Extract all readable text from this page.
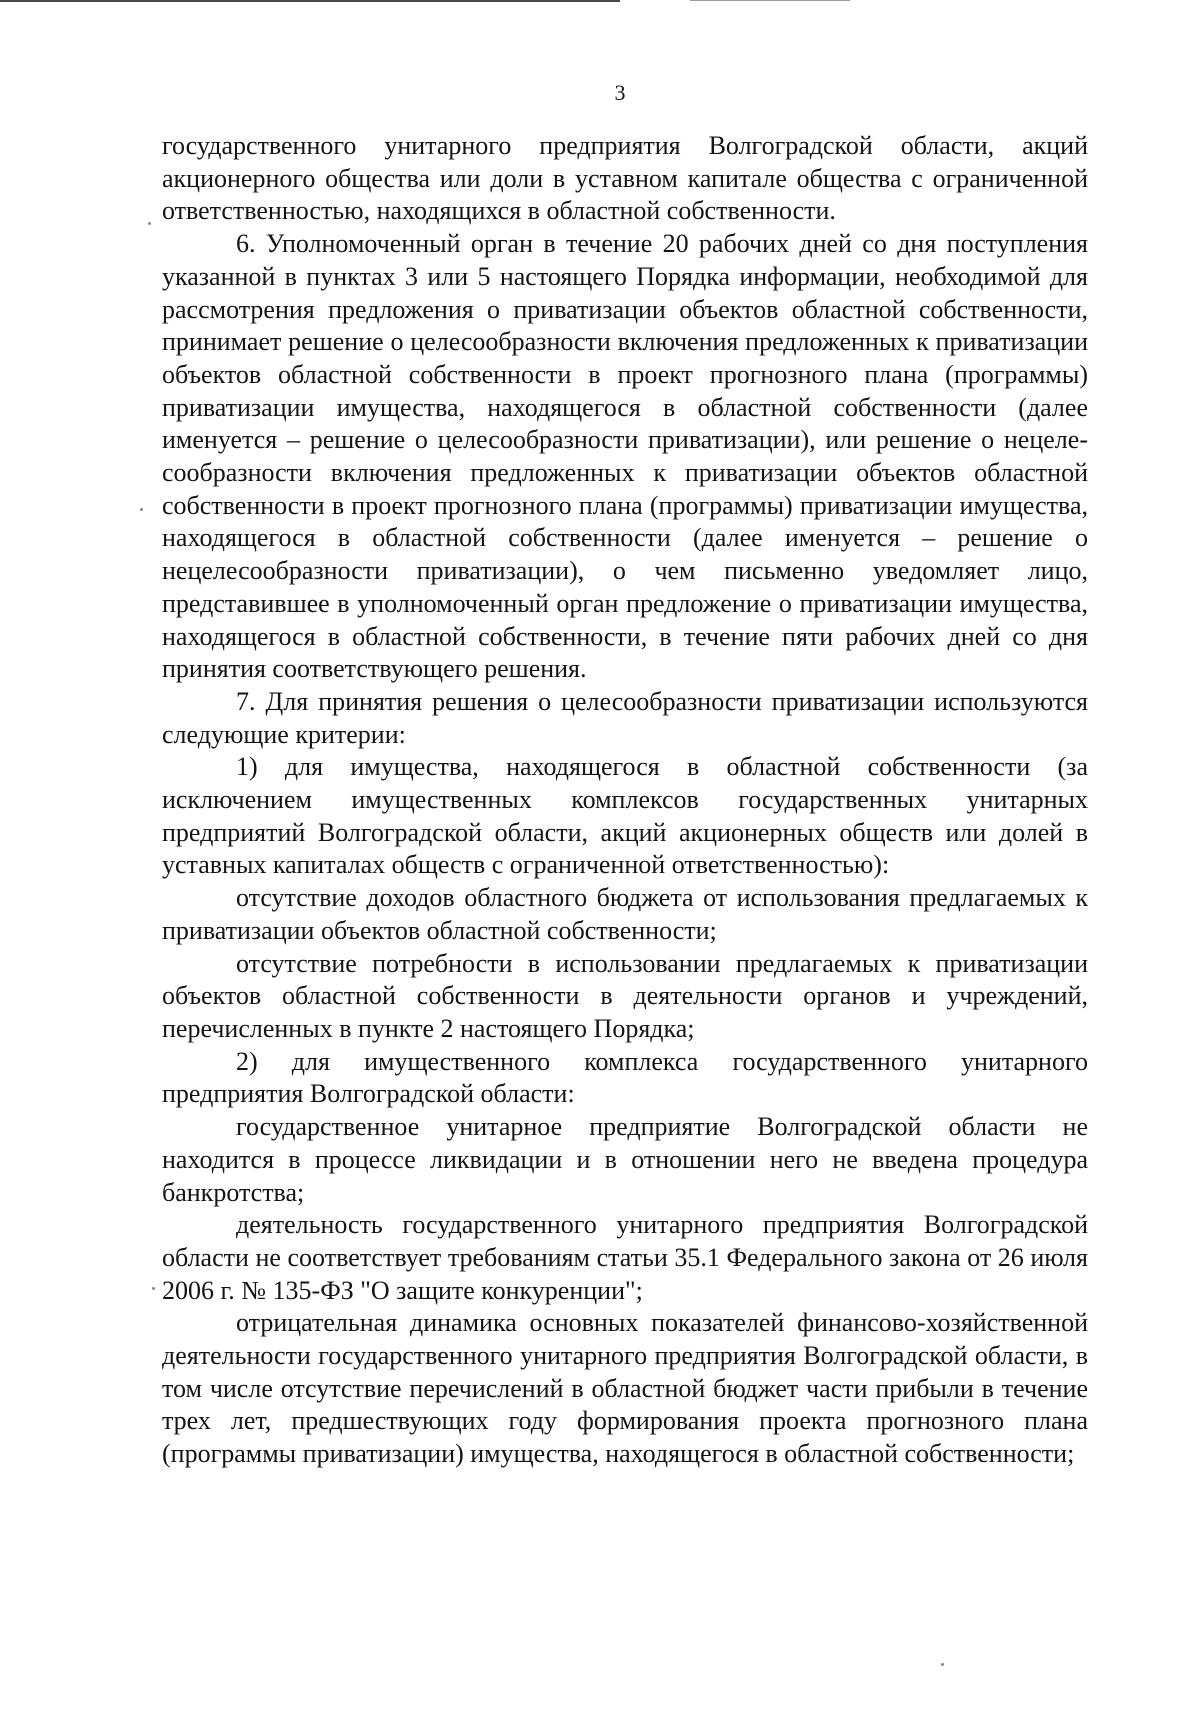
3

государственного унитарного предприятия Волгоградской области, акций акционерного общества или доли в уставном капитале общества с ограниченной ответственностью, находящихся в областной собственности.

6. Уполномоченный орган в течение 20 рабочих дней со дня поступления указанной в пунктах 3 или 5 настоящего Порядка информации, необходимой для рассмотрения предложения о приватизации объектов областной собственности, принимает решение о целесообразности включения предложенных к приватизации объектов областной собственности в проект прогнозного плана (программы) приватизации имущества, находящегося в областной собственности (далее именуется – решение о целесообразности приватизации), или решение о нецелесообразности включения предложенных к приватизации объектов областной собственности в проект прогнозного плана (программы) приватизации имущества, находящегося в областной собственности (далее именуется – решение о нецелесообразности приватизации), о чем письменно уведомляет лицо, представившее в уполномоченный орган предложение о приватизации имущества, находящегося в областной собственности, в течение пяти рабочих дней со дня принятия соответствующего решения.

7. Для принятия решения о целесообразности приватизации используются следующие критерии:

1) для имущества, находящегося в областной собственности (за исключением имущественных комплексов государственных унитарных предприятий Волгоградской области, акций акционерных обществ или долей в уставных капиталах обществ с ограниченной ответственностью):

отсутствие доходов областного бюджета от использования предлагаемых к приватизации объектов областной собственности;

отсутствие потребности в использовании предлагаемых к приватизации объектов областной собственности в деятельности органов и учреждений, перечисленных в пункте 2 настоящего Порядка;

2) для имущественного комплекса государственного унитарного предприятия Волгоградской области:

государственное унитарное предприятие Волгоградской области не находится в процессе ликвидации и в отношении него не введена процедура банкротства;

деятельность государственного унитарного предприятия Волгоградской области не соответствует требованиям статьи 35.1 Федерального закона от 26 июля 2006 г. № 135-ФЗ "О защите конкуренции";

отрицательная динамика основных показателей финансово-хозяйственной деятельности государственного унитарного предприятия Волгоградской области, в том числе отсутствие перечислений в областной бюджет части прибыли в течение трех лет, предшествующих году формирования проекта прогнозного плана (программы приватизации) имущества, находящегося в областной собственности;
